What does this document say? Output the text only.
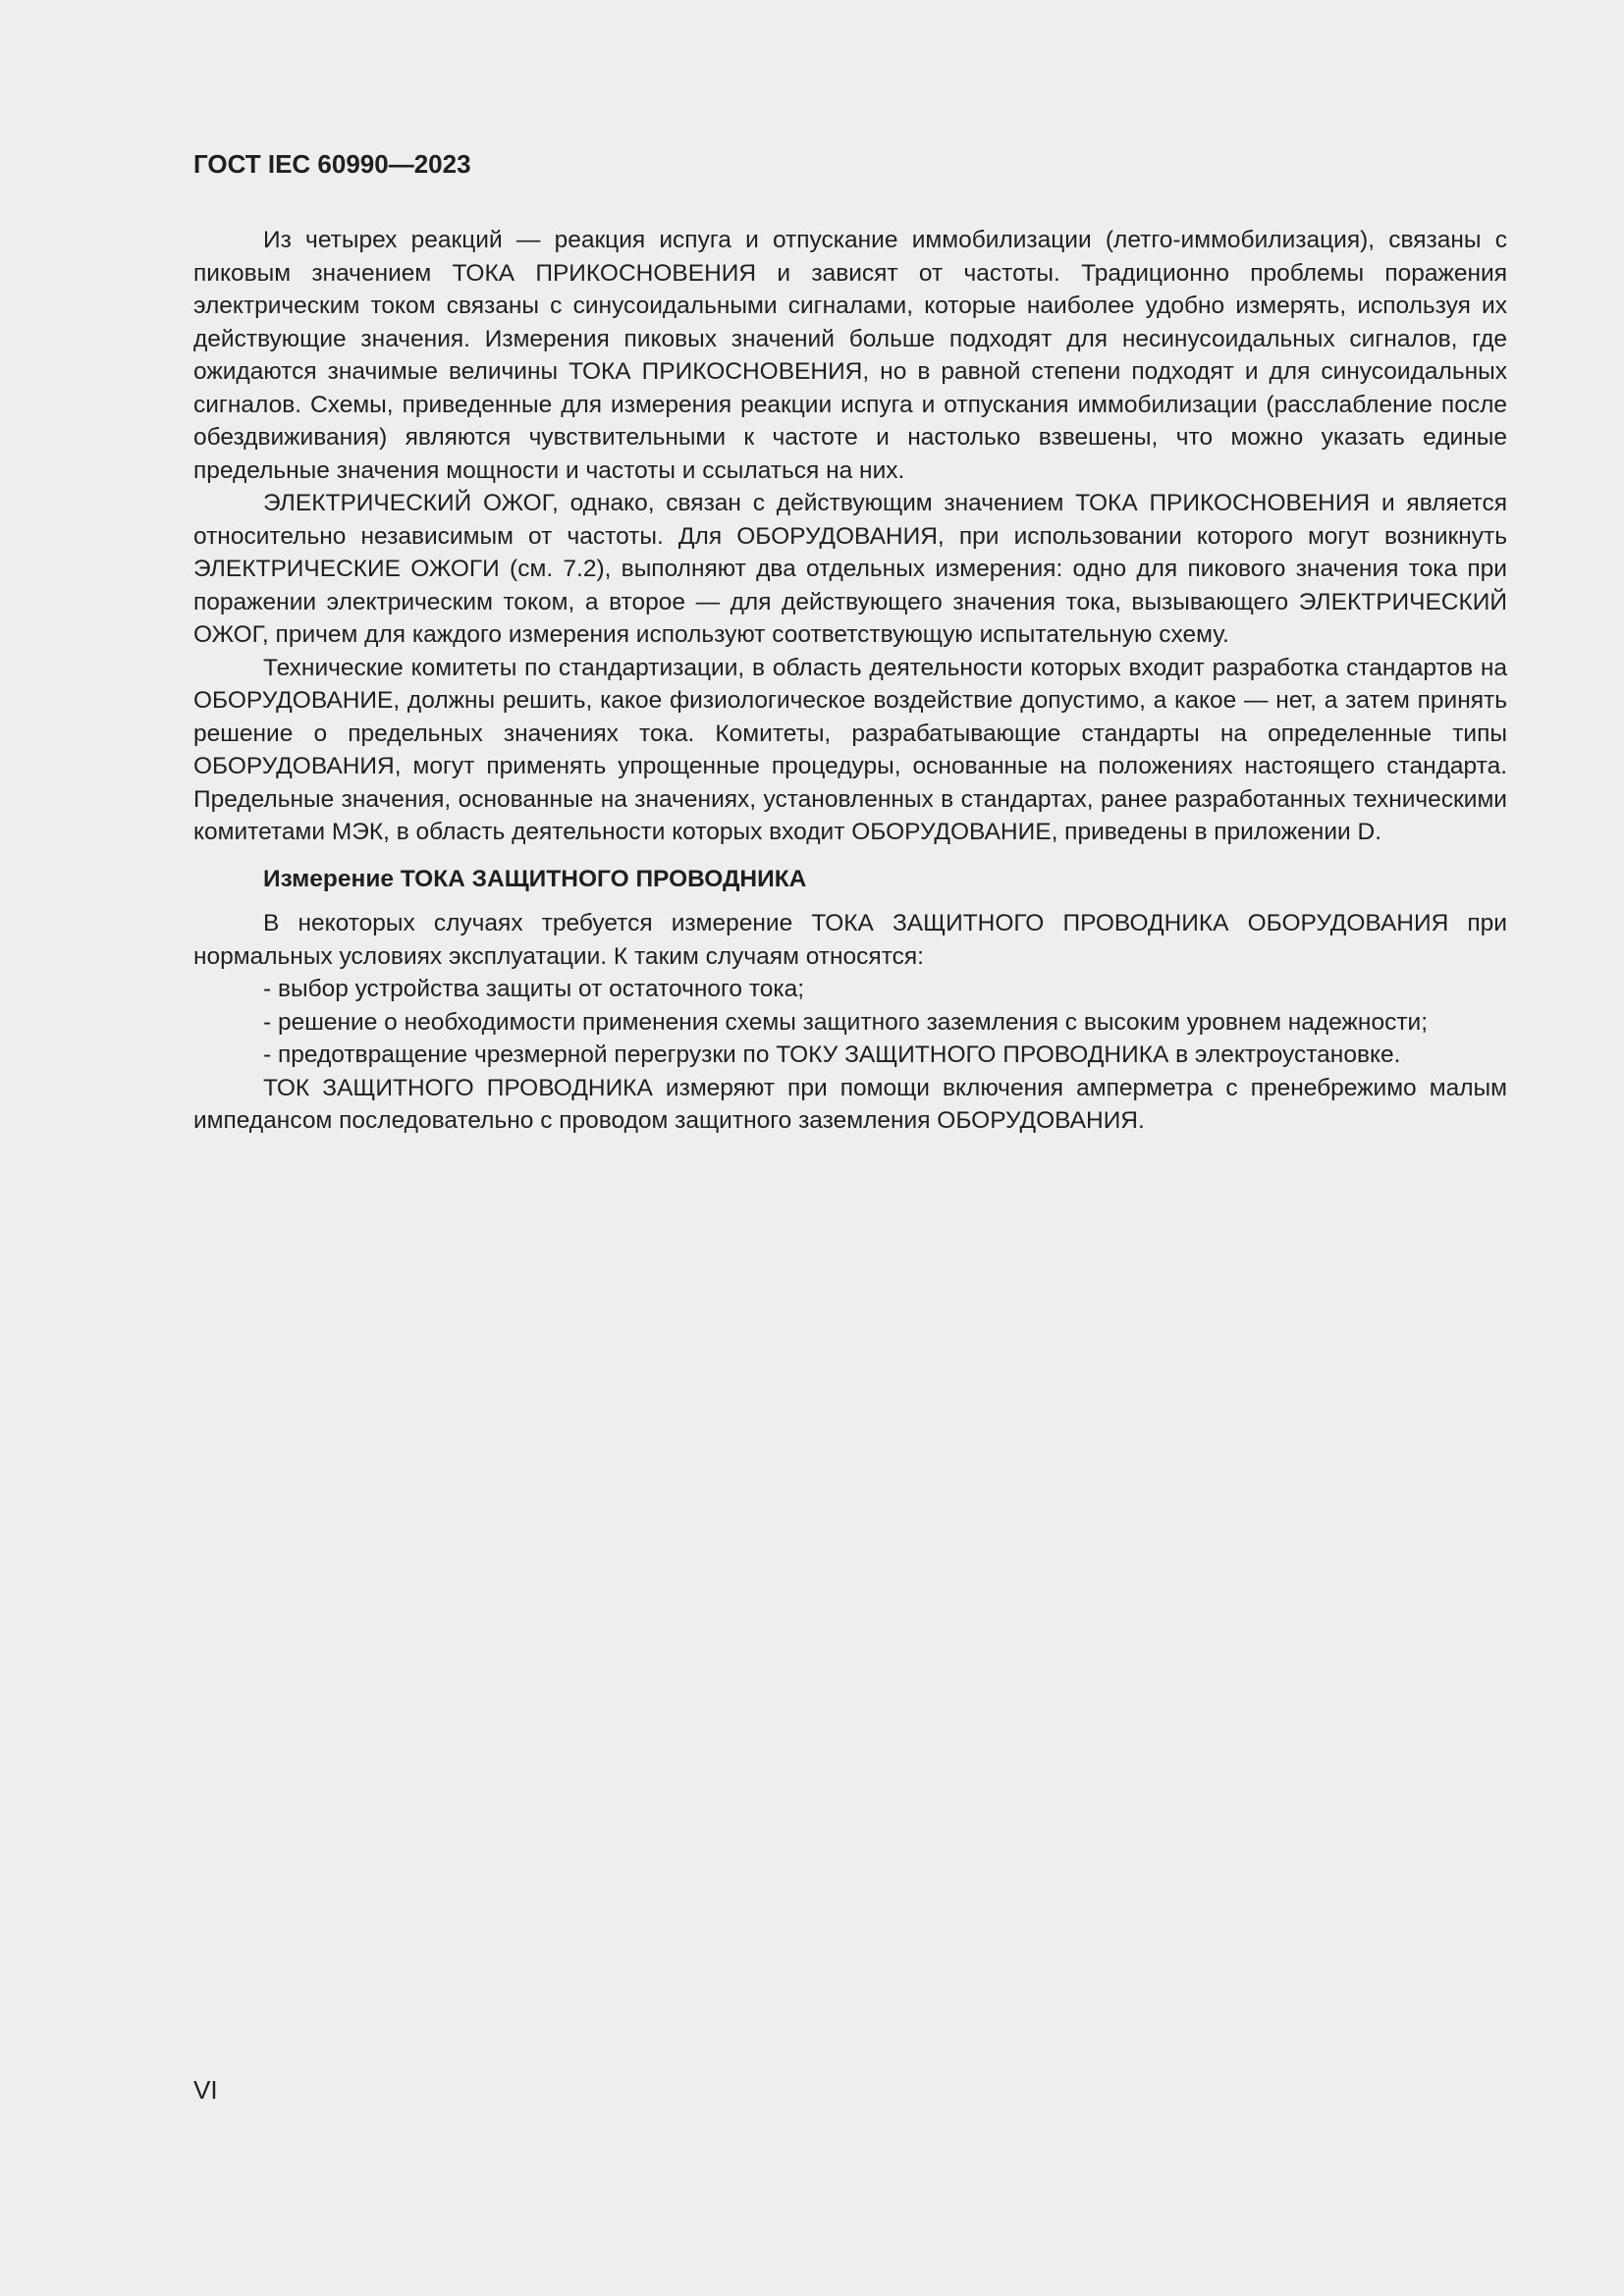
ГОСТ IEC 60990—2023

Из четырех реакций — реакция испуга и отпускание иммобилизации (летго-иммобилизация), связаны с пиковым значением ТОКА ПРИКОСНОВЕНИЯ и зависят от частоты. Традиционно проблемы поражения электрическим током связаны с синусоидальными сигналами, которые наиболее удобно измерять, используя их действующие значения. Измерения пиковых значений больше подходят для несинусоидальных сигналов, где ожидаются значимые величины ТОКА ПРИКОСНОВЕНИЯ, но в равной степени подходят и для синусоидальных сигналов. Схемы, приведенные для измерения реакции испуга и отпускания иммобилизации (расслабление после обездвиживания) являются чувствительными к частоте и настолько взвешены, что можно указать единые предельные значения мощности и частоты и ссылаться на них.

ЭЛЕКТРИЧЕСКИЙ ОЖОГ, однако, связан с действующим значением ТОКА ПРИКОСНОВЕНИЯ и является относительно независимым от частоты. Для ОБОРУДОВАНИЯ, при использовании которого могут возникнуть ЭЛЕКТРИЧЕСКИЕ ОЖОГИ (см. 7.2), выполняют два отдельных измерения: одно для пикового значения тока при поражении электрическим током, а второе — для действующего значения тока, вызывающего ЭЛЕКТРИЧЕСКИЙ ОЖОГ, причем для каждого измерения используют соответствующую испытательную схему.

Технические комитеты по стандартизации, в область деятельности которых входит разработка стандартов на ОБОРУДОВАНИЕ, должны решить, какое физиологическое воздействие допустимо, а какое — нет, а затем принять решение о предельных значениях тока. Комитеты, разрабатывающие стандарты на определенные типы ОБОРУДОВАНИЯ, могут применять упрощенные процедуры, основанные на положениях настоящего стандарта. Предельные значения, основанные на значениях, установленных в стандартах, ранее разработанных техническими комитетами МЭК, в область деятельности которых входит ОБОРУДОВАНИЕ, приведены в приложении D.

Измерение ТОКА ЗАЩИТНОГО ПРОВОДНИКА

В некоторых случаях требуется измерение ТОКА ЗАЩИТНОГО ПРОВОДНИКА ОБОРУДОВАНИЯ при нормальных условиях эксплуатации. К таким случаям относятся:

- выбор устройства защиты от остаточного тока;

- решение о необходимости применения схемы защитного заземления с высоким уровнем надежности;

- предотвращение чрезмерной перегрузки по ТОКУ ЗАЩИТНОГО ПРОВОДНИКА в электроустановке.

ТОК ЗАЩИТНОГО ПРОВОДНИКА измеряют при помощи включения амперметра с пренебрежимо малым импедансом последовательно с проводом защитного заземления ОБОРУДОВАНИЯ.

VI
